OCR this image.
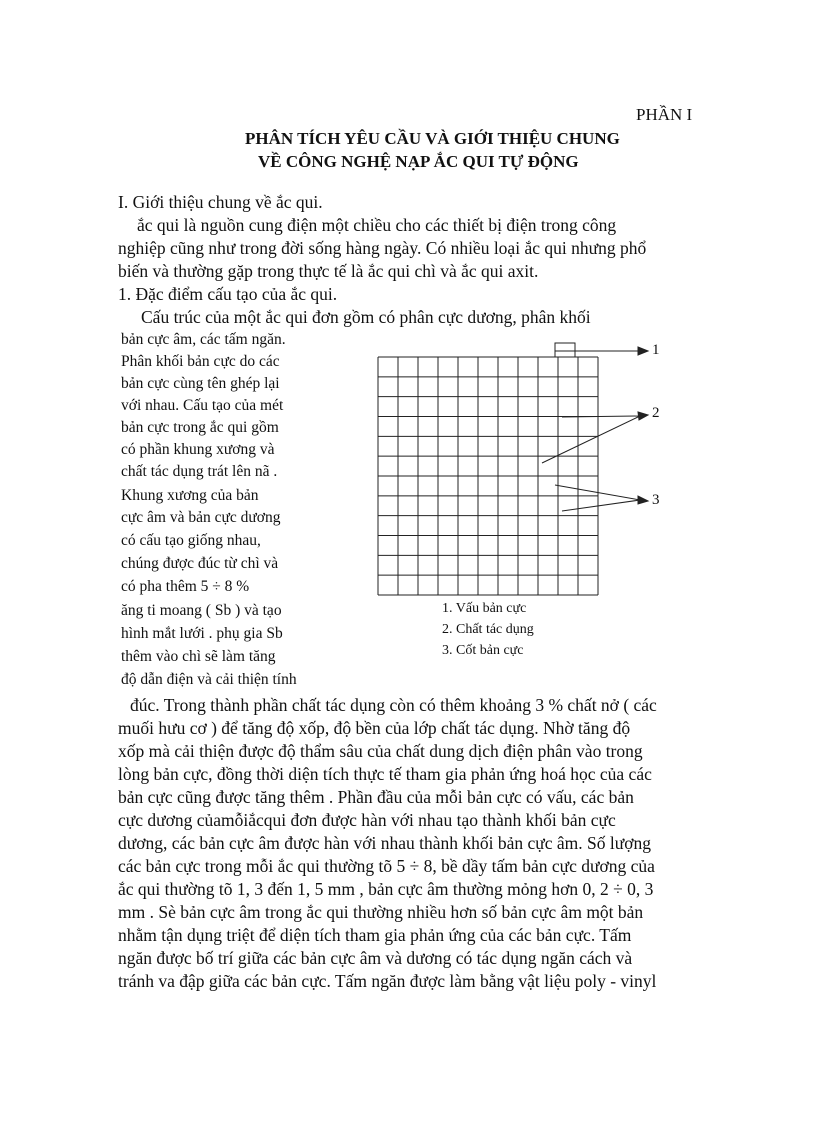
PHẦN I
PHÂN TÍCH YÊU CẦU VÀ GIỚI THIỆU CHUNG
VỀ CÔNG NGHỆ NẠP ẮC QUI TỰ ĐỘNG
I. Giới thiệu chung về ắc qui.
ắc qui là nguồn cung điện một chiều cho các thiết bị điện trong công
nghiệp cũng như trong đời sống hàng ngày. Có nhiều loại ắc qui nhưng phổ
biến và thường gặp trong thực tế là ắc qui chì và ắc qui axit.
1. Đặc điểm cấu tạo của ắc qui.
Cấu trúc của một ắc qui đơn gồm có phân cực dương, phân khối
bản cực âm, các tấm ngăn.
Phân khối bản cực do các
bản cực cùng tên ghép lại
với nhau. Cấu tạo của mét
bản cực trong ắc qui gồm
có phần khung xương và
chất tác dụng trát lên nã .
Khung xương của bản
cực âm và bản cực dương
có cấu tạo giống nhau,
chúng được đúc từ chì và
có pha thêm 5 ÷ 8 %
ăng ti moang ( Sb ) và tạo
hình mắt lưới . phụ gia Sb
thêm vào chì sẽ làm tăng
độ dẫn điện và cải thiện tính
1
2
3
1. Vấu bản cực
2. Chất tác dụng
3. Cốt bản cực
đúc. Trong thành phần chất tác dụng còn có thêm khoảng 3 % chất nở ( các
muối hưu cơ ) để tăng độ xốp, độ bền của lớp chất tác dụng. Nhờ tăng độ
xốp mà cải thiện được độ thẩm sâu của chất dung dịch điện phân vào trong
lòng bản cực, đồng thời diện tích thực tế tham gia phản ứng hoá học của các
bản cực cũng được tăng thêm . Phần đầu của mỗi bản cực có vấu, các bản
cực dương củamỗiắcqui đơn được hàn với nhau tạo thành khối bản cực
dương, các bản cực âm được hàn với nhau thành khối bản cực âm. Số lượng
các bản cực trong mỗi ắc qui thường tõ 5 ÷ 8, bề dầy tấm bản cực dương của
ắc qui thường tõ 1, 3 đến 1, 5 mm , bản cực âm thường mỏng hơn 0, 2 ÷ 0, 3
mm . Sè bản cực âm trong ắc qui thường nhiều hơn số bản cực âm một bản
nhằm tận dụng triệt để diện tích tham gia phản ứng của các bản cực. Tấm
ngăn được bố trí giữa các bản cực âm và dương có tác dụng ngăn cách và
tránh va đập giữa các bản cực. Tấm ngăn được làm bằng vật liệu poly - vinyl
